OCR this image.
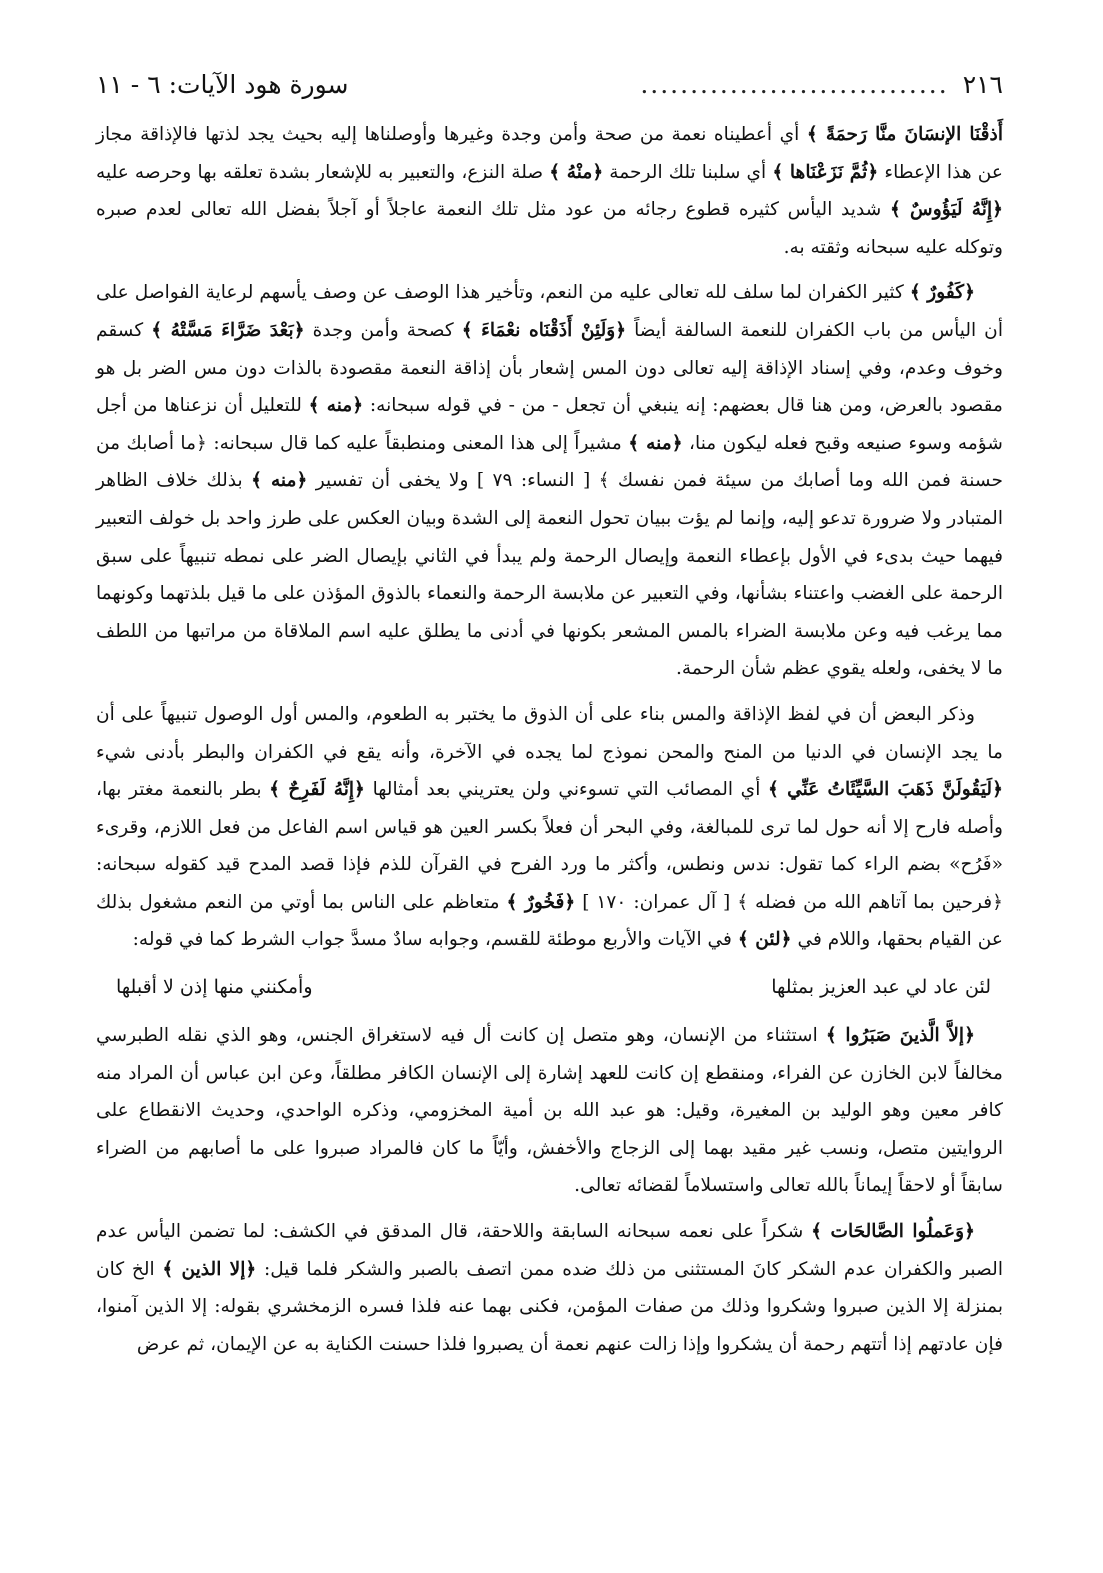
٢١٦
...............................
سورة هود الآيات: ٦ - ١١

أَذقْنَا الإنسَانَ منَّا رَحمَةً ﴾ أي أعطيناه نعمة من صحة وأمن وجدة وغيرها وأوصلناها إليه بحيث يجد لذتها فالإذاقة مجاز عن هذا الإعطاء ﴿ثُمَّ نَزَعْنَاها ﴾ أي سلبنا تلك الرحمة ﴿منْهُ ﴾ صلة النزع، والتعبير به للإشعار بشدة تعلقه بها وحرصه عليه ﴿إِنَّهُ لَيَؤُوسٌ ﴾ شديد اليأس كثيره قطوع رجائه من عود مثل تلك النعمة عاجلاً أو آجلاً بفضل الله تعالى لعدم صبره وتوكله عليه سبحانه وثقته به.

﴿كَفُورٌ ﴾ كثير الكفران لما سلف لله تعالى عليه من النعم، وتأخير هذا الوصف عن وصف يأسهم لرعاية الفواصل على أن اليأس من باب الكفران للنعمة السالفة أيضاً ﴿وَلَئِنْ أَذَقْنَاه نعْمَاءَ ﴾ كصحة وأمن وجدة ﴿بَعْدَ ضَرَّاءَ مَسَّتْهُ ﴾ كسقم وخوف وعدم، وفي إسناد الإذاقة إليه تعالى دون المس إشعار بأن إذاقة النعمة مقصودة بالذات دون مس الضر بل هو مقصود بالعرض، ومن هنا قال بعضهم: إنه ينبغي أن تجعل - من - في قوله سبحانه: ﴿منه ﴾ للتعليل أن نزعناها من أجل شؤمه وسوء صنيعه وقبح فعله ليكون منا، ﴿منه ﴾ مشيراً إلى هذا المعنى ومنطبقاً عليه كما قال سبحانه: ﴿ما أصابك من حسنة فمن الله وما أصابك من سيئة فمن نفسك ﴾ [ النساء: ٧٩ ] ولا يخفى أن تفسير ﴿منه ﴾ بذلك خلاف الظاهر المتبادر ولا ضرورة تدعو إليه، وإنما لم يؤت ببيان تحول النعمة إلى الشدة وبيان العكس على طرز واحد بل خولف التعبير فيهما حيث بدىء في الأول بإعطاء النعمة وإيصال الرحمة ولم يبدأ في الثاني بإيصال الضر على نمطه تنبيهاً على سبق الرحمة على الغضب واعتناء بشأنها، وفي التعبير عن ملابسة الرحمة والنعماء بالذوق المؤذن على ما قيل بلذتهما وكونهما مما يرغب فيه وعن ملابسة الضراء بالمس المشعر بكونها في أدنى ما يطلق عليه اسم الملاقاة من مراتبها من اللطف ما لا يخفى، ولعله يقوي عظم شأن الرحمة.

وذكر البعض أن في لفظ الإذاقة والمس بناء على أن الذوق ما يختبر به الطعوم، والمس أول الوصول تنبيهاً على أن ما يجد الإنسان في الدنيا من المنح والمحن نموذج لما يجده في الآخرة، وأنه يقع في الكفران والبطر بأدنى شيء ﴿لَيَقُولَنَّ ذَهَبَ السَّيِّئَاتُ عَنِّي ﴾ أي المصائب التي تسوءني ولن يعتريني بعد أمثالها ﴿إِنَّهُ لَفَرِحٌ ﴾ بطر بالنعمة مغتر بها، وأصله فارح إلا أنه حول لما ترى للمبالغة، وفي البحر أن فعلاً بكسر العين هو قياس اسم الفاعل من فعل اللازم، وقرىء «فَرُح» بضم الراء كما تقول: ندس ونطس، وأكثر ما ورد الفرح في القرآن للذم فإذا قصد المدح قيد كقوله سبحانه: ﴿فرحين بما آتاهم الله من فضله ﴾ [ آل عمران: ١٧٠ ] ﴿فَخُورٌ ﴾ متعاظم على الناس بما أوتي من النعم مشغول بذلك عن القيام بحقها، واللام في ﴿لئن ﴾ في الآيات والأربع موطئة للقسم، وجوابه سادٌ مسدَّ جواب الشرط كما في قوله:

لئن عاد لي عبد العزيز بمثلها
وأمكنني منها إذن لا أقبلها

﴿إلاَّ الَّذينَ صَبَرُوا ﴾ استثناء من الإنسان، وهو متصل إن كانت أل فيه لاستغراق الجنس، وهو الذي نقله الطبرسي مخالفاً لابن الخازن عن الفراء، ومنقطع إن كانت للعهد إشارة إلى الإنسان الكافر مطلقاً، وعن ابن عباس أن المراد منه كافر معين وهو الوليد بن المغيرة، وقيل: هو عبد الله بن أمية المخزومي، وذكره الواحدي، وحديث الانقطاع على الروايتين متصل، ونسب غير مقيد بهما إلى الزجاج والأخفش، وأيّاً ما كان فالمراد صبروا على ما أصابهم من الضراء سابقاً أو لاحقاً إيماناً بالله تعالى واستسلاماً لقضائه تعالى.

﴿وَعَملُوا الصَّالحَات ﴾ شكراً على نعمه سبحانه السابقة واللاحقة، قال المدقق في الكشف: لما تضمن اليأس عدم الصبر والكفران عدم الشكر كانَ المستثنى من ذلك ضده ممن اتصف بالصبر والشكر فلما قيل: ﴿إلا الذين ﴾ الخ كان بمنزلة إلا الذين صبروا وشكروا وذلك من صفات المؤمن، فكنى بهما عنه فلذا فسره الزمخشري بقوله: إلا الذين آمنوا، فإن عادتهم إذا أتتهم رحمة أن يشكروا وإذا زالت عنهم نعمة أن يصبروا فلذا حسنت الكناية به عن الإيمان، ثم عرض
